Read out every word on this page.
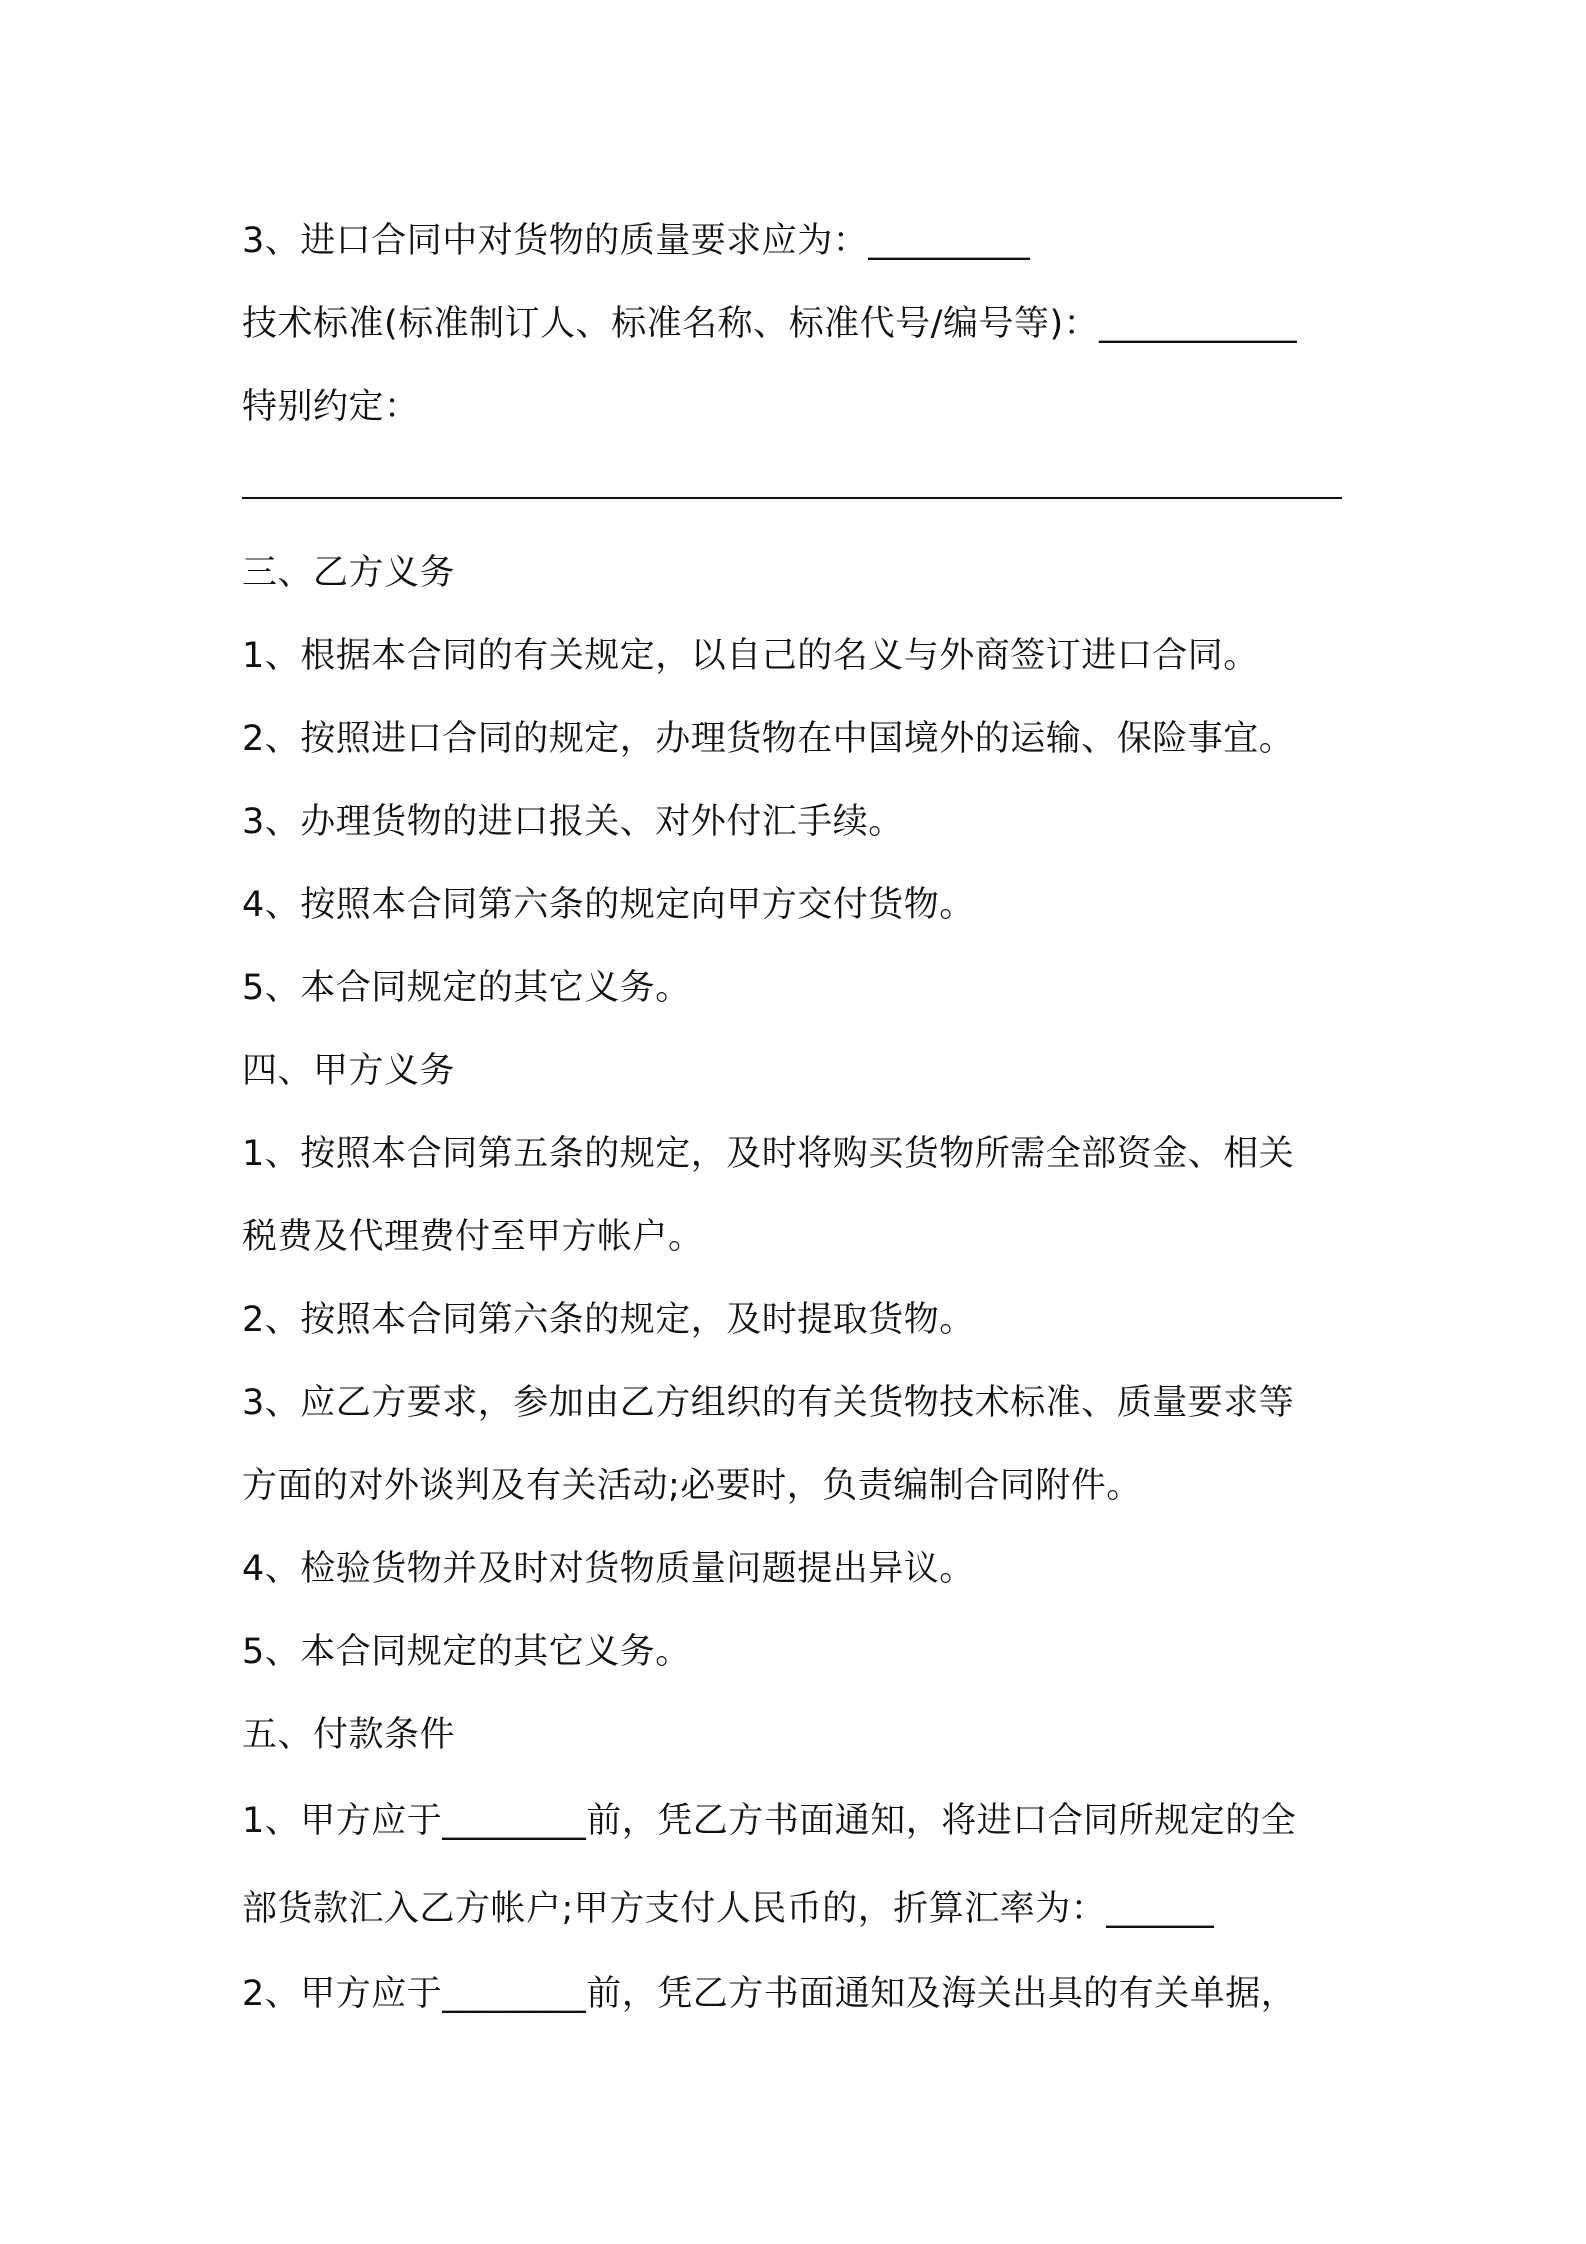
3、进口合同中对货物的质量要求应为：_________
技术标准(标准制订人、标准名称、标准代号/编号等)：___________
特别约定：
三、乙方义务
1、根据本合同的有关规定，以自己的名义与外商签订进口合同。
2、按照进口合同的规定，办理货物在中国境外的运输、保险事宜。
3、办理货物的进口报关、对外付汇手续。
4、按照本合同第六条的规定向甲方交付货物。
5、本合同规定的其它义务。
四、甲方义务
1、按照本合同第五条的规定，及时将购买货物所需全部资金、相关
税费及代理费付至甲方帐户。
2、按照本合同第六条的规定，及时提取货物。
3、应乙方要求，参加由乙方组织的有关货物技术标准、质量要求等
方面的对外谈判及有关活动;必要时，负责编制合同附件。
4、检验货物并及时对货物质量问题提出异议。
5、本合同规定的其它义务。
五、付款条件
1、甲方应于________前，凭乙方书面通知，将进口合同所规定的全
部货款汇入乙方帐户;甲方支付人民币的，折算汇率为：______
2、甲方应于________前，凭乙方书面通知及海关出具的有关单据，
